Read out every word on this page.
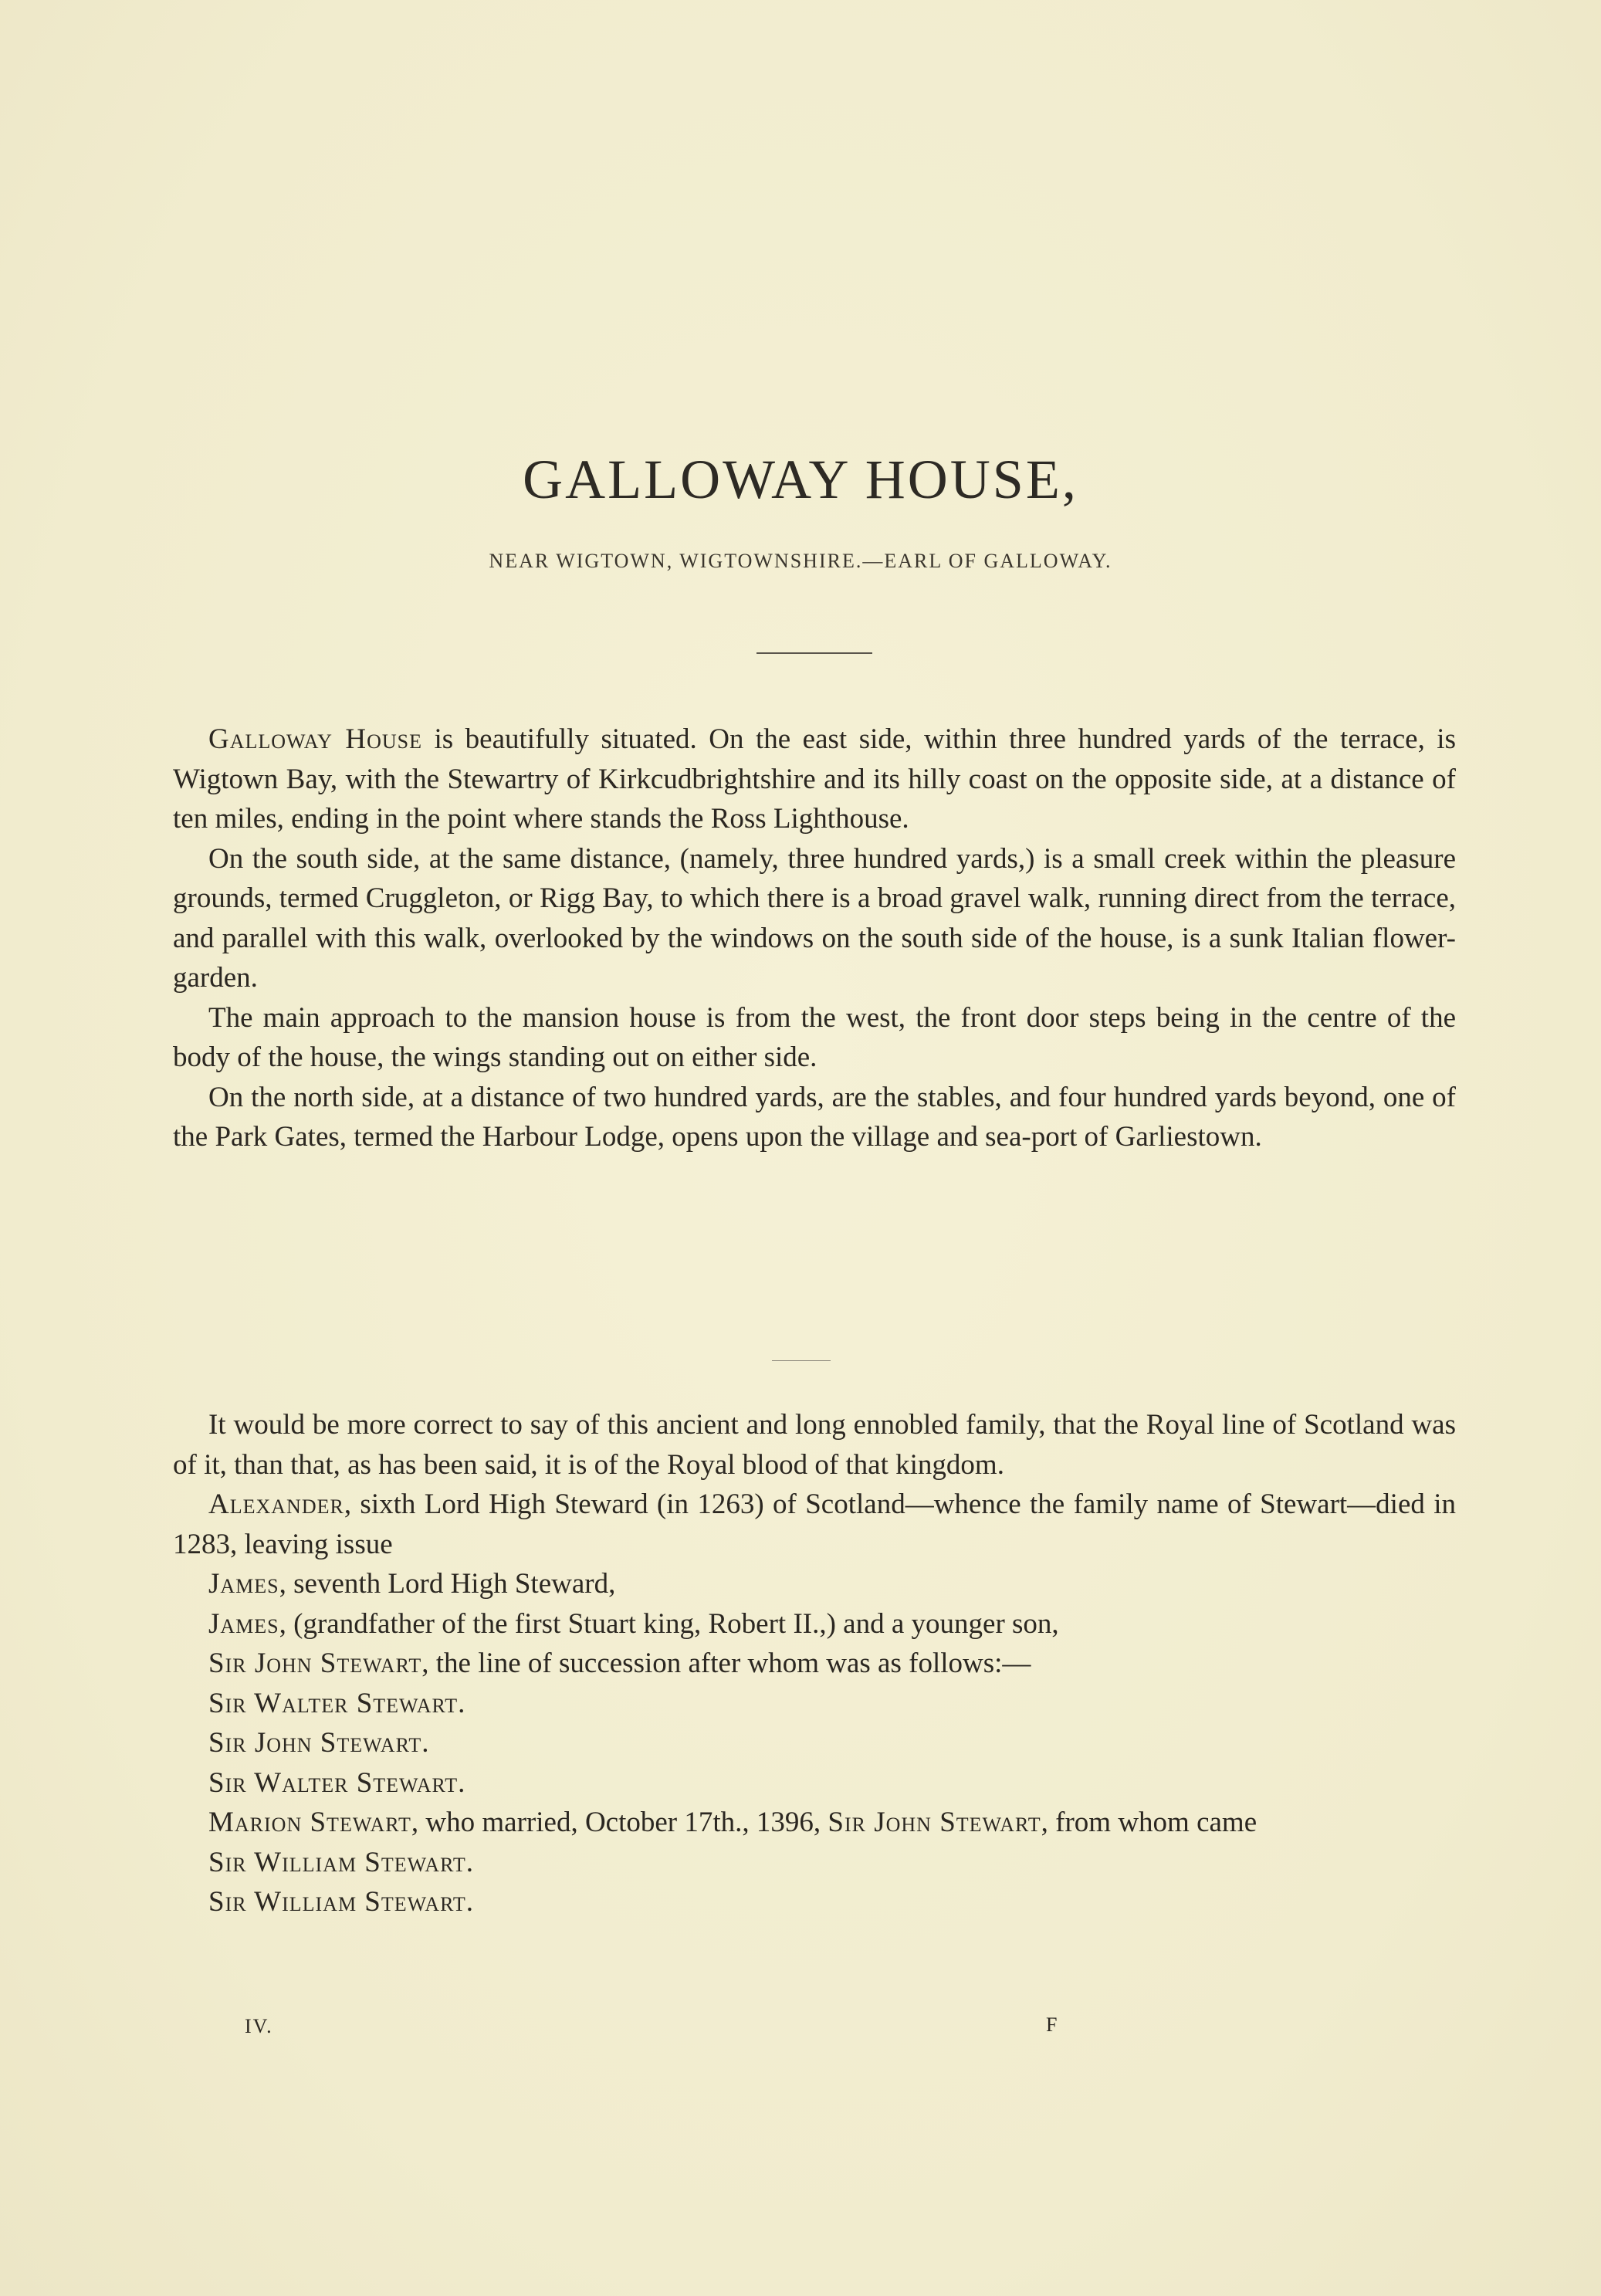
GALLOWAY HOUSE,
NEAR WIGTOWN, WIGTOWNSHIRE.—EARL OF GALLOWAY.

Galloway House is beautifully situated. On the east side, within three hundred yards of the terrace, is Wigtown Bay, with the Stewartry of Kirkcudbrightshire and its hilly coast on the opposite side, at a distance of ten miles, ending in the point where stands the Ross Lighthouse.

On the south side, at the same distance, (namely, three hundred yards,) is a small creek within the pleasure grounds, termed Cruggleton, or Rigg Bay, to which there is a broad gravel walk, running direct from the terrace, and parallel with this walk, overlooked by the windows on the south side of the house, is a sunk Italian flower-garden.

The main approach to the mansion house is from the west, the front door steps being in the centre of the body of the house, the wings standing out on either side.

On the north side, at a distance of two hundred yards, are the stables, and four hundred yards beyond, one of the Park Gates, termed the Harbour Lodge, opens upon the village and sea-port of Garliestown.

It would be more correct to say of this ancient and long ennobled family, that the Royal line of Scotland was of it, than that, as has been said, it is of the Royal blood of that kingdom.

Alexander, sixth Lord High Steward (in 1263) of Scotland—whence the family name of Stewart—died in 1283, leaving issue

James, seventh Lord High Steward,
James, (grandfather of the first Stuart king, Robert II.,) and a younger son,
Sir John Stewart, the line of succession after whom was as follows:—
Sir Walter Stewart.
Sir John Stewart.
Sir Walter Stewart.

Marion Stewart, who married, October 17th., 1396, Sir John Stewart, from whom came

Sir William Stewart.
Sir William Stewart.
IV.	F
